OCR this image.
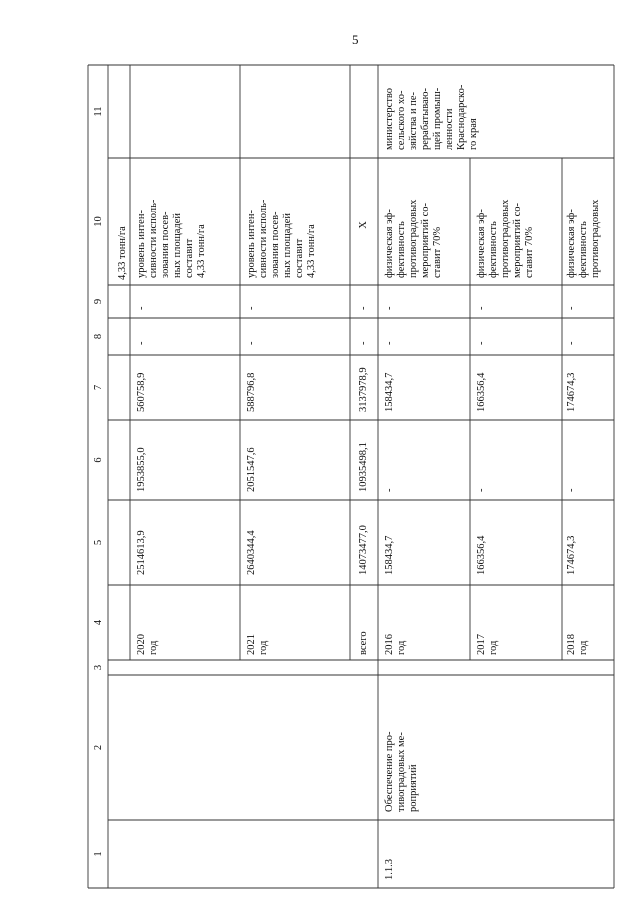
5
1
2
3
4
5
6
7
8
9
10
11
4,33 тонн/га
2020 год
2514613,9
1953855,0
560758,9
-
-
уровень интен- сивности исполь- зования посев- ных площадей составит 4,33 тонн/га
2021 год
2640344,4
2051547,6
588796,8
-
-
уровень интен- сивности исполь- зования посев- ных площадей составит 4,33 тонн/га
всего
14073477,0
10935498,1
3137978,9
-
-
X
1.1.3
Обеспечение про- тивоградовых ме- роприятий
министерство сельского хо- зяйства и пе- рерабатываю- щей промыш- ленности Краснодарско- го края
2016 год
158434,7
-
158434,7
-
-
физическая эф- фективность противоградовых мероприятий со- ставит 70%
2017 год
166356,4
-
166356,4
-
-
физическая эф- фективность противоградовых мероприятий со- ставит 70%
2018 год
174674,3
-
174674,3
-
-
физическая эф- фективность противоградовых
